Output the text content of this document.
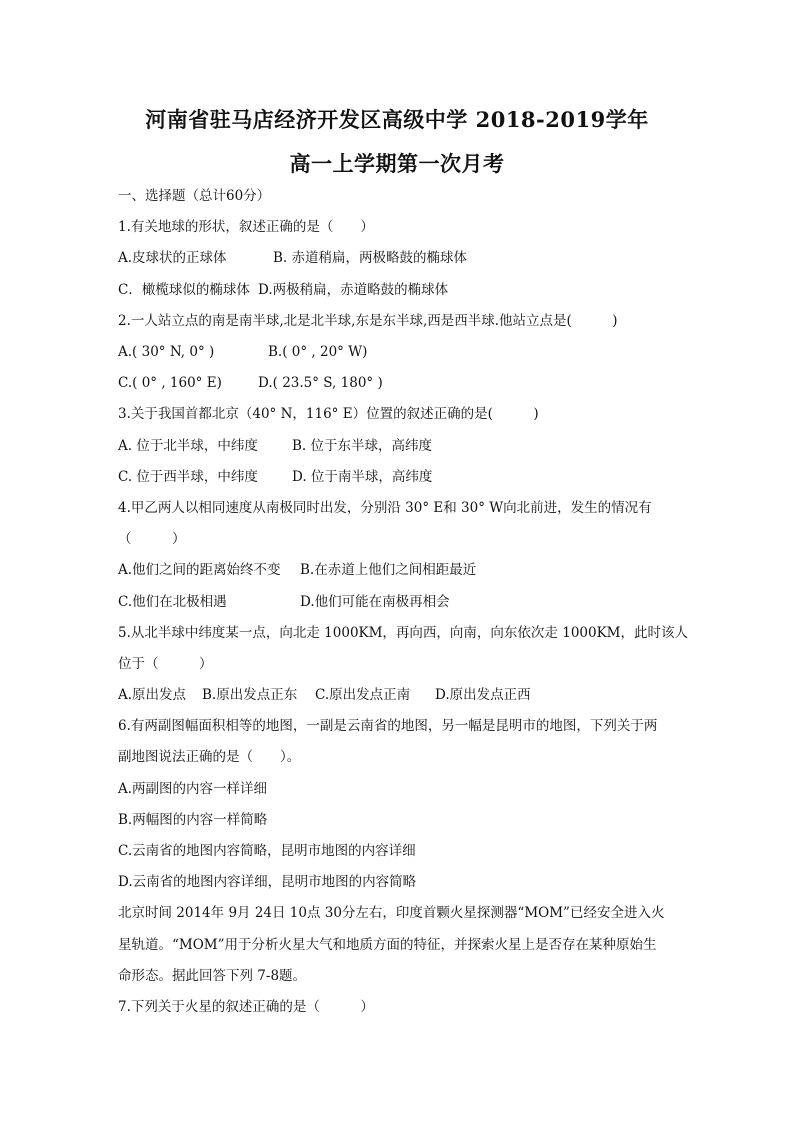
河南省驻马店经济开发区高级中学 2018-2019学年
高一上学期第一次月考
一、选择题（总计60分）
1.有关地球的形状，叙述正确的是（　　）
A.皮球状的正球体	B. 赤道稍扁，两极略鼓的椭球体
C．橄榄球似的椭球体 D.两极稍扁，赤道略鼓的椭球体
2.一人站立点的南是南半球,北是北半球,东是东半球,西是西半球.他站立点是(　　　)
A.( 30° N, 0° )	B.( 0° , 20° W)
C.( 0° , 160° E)	D.( 23.5° S, 180° )
3.关于我国首都北京（40° N，116° E）位置的叙述正确的是(　　　)
A. 位于北半球，中纬度	B. 位于东半球，高纬度
C. 位于西半球，中纬度	D. 位于南半球，高纬度
4.甲乙两人以相同速度从南极同时出发，分别沿 30° E和 30° W向北前进，发生的情况有
（　　　）
A.他们之间的距离始终不变 B.在赤道上他们之间相距最近
C.他们在北极相遇	D.他们可能在南极再相会
5.从北半球中纬度某一点，向北走 1000KM，再向西，向南，向东依次走 1000KM，此时该人
位于（　　　）
A.原出发点 B.原出发点正东 C.原出发点正南 D.原出发点正西
6.有两副图幅面积相等的地图，一副是云南省的地图，另一幅是昆明市的地图，下列关于两
副地图说法正确的是（　　）。
A.两副图的内容一样详细
B.两幅图的内容一样简略
C.云南省的地图内容简略，昆明市地图的内容详细
D.云南省的地图内容详细，昆明市地图的内容简略
北京时间 2014年 9月 24日 10点 30分左右，印度首颗火星探测器“MOM”已经安全进入火
星轨道。“MOM”用于分析火星大气和地质方面的特征，并探索火星上是否存在某种原始生
命形态。据此回答下列 7-8题。
7.下列关于火星的叙述正确的是（　　　）
